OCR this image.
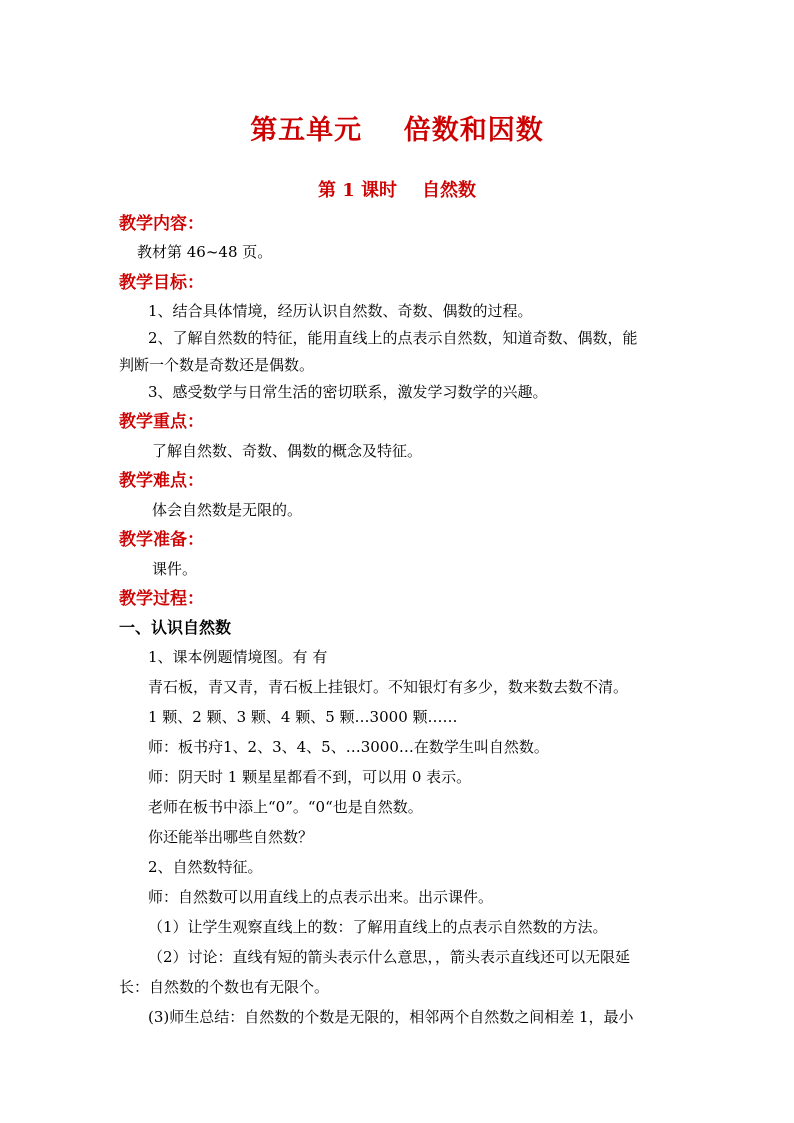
第五单元    倍数和因数
第 1 课时    自然数
教学内容：
教材第 46~48 页。
教学目标：
1、结合具体情境，经历认识自然数、奇数、偶数的过程。
2、了解自然数的特征，能用直线上的点表示自然数，知道奇数、偶数，能
判断一个数是奇数还是偶数。
3、感受数学与日常生活的密切联系，激发学习数学的兴趣。
教学重点：
了解自然数、奇数、偶数的概念及特征。
教学难点：
体会自然数是无限的。
教学准备：
课件。
教学过程：
一、认识自然数
1、课本例题情境图。有 有
青石板，青又青，青石板上挂银灯。不知银灯有多少，数来数去数不清。
1 颗、2 颗、3 颗、4 颗、5 颗…3000 颗……
师：板书疛1、2、3、4、5、…3000…在数学生叫自然数。
师：阴天时 1 颗星星都看不到，可以用 0 表示。
老师在板书中添上“0”。“0“也是自然数。
你还能举出哪些自然数？
2、自然数特征。
师：自然数可以用直线上的点表示出来。出示课件。
（1）让学生观察直线上的数：了解用直线上的点表示自然数的方法。
（2）讨论：直线有短的箭头表示什么意思，，箭头表示直线还可以无限延
长：自然数的个数也有无限个。
(3)师生总结：自然数的个数是无限的，相邻两个自然数之间相差 1，最小
